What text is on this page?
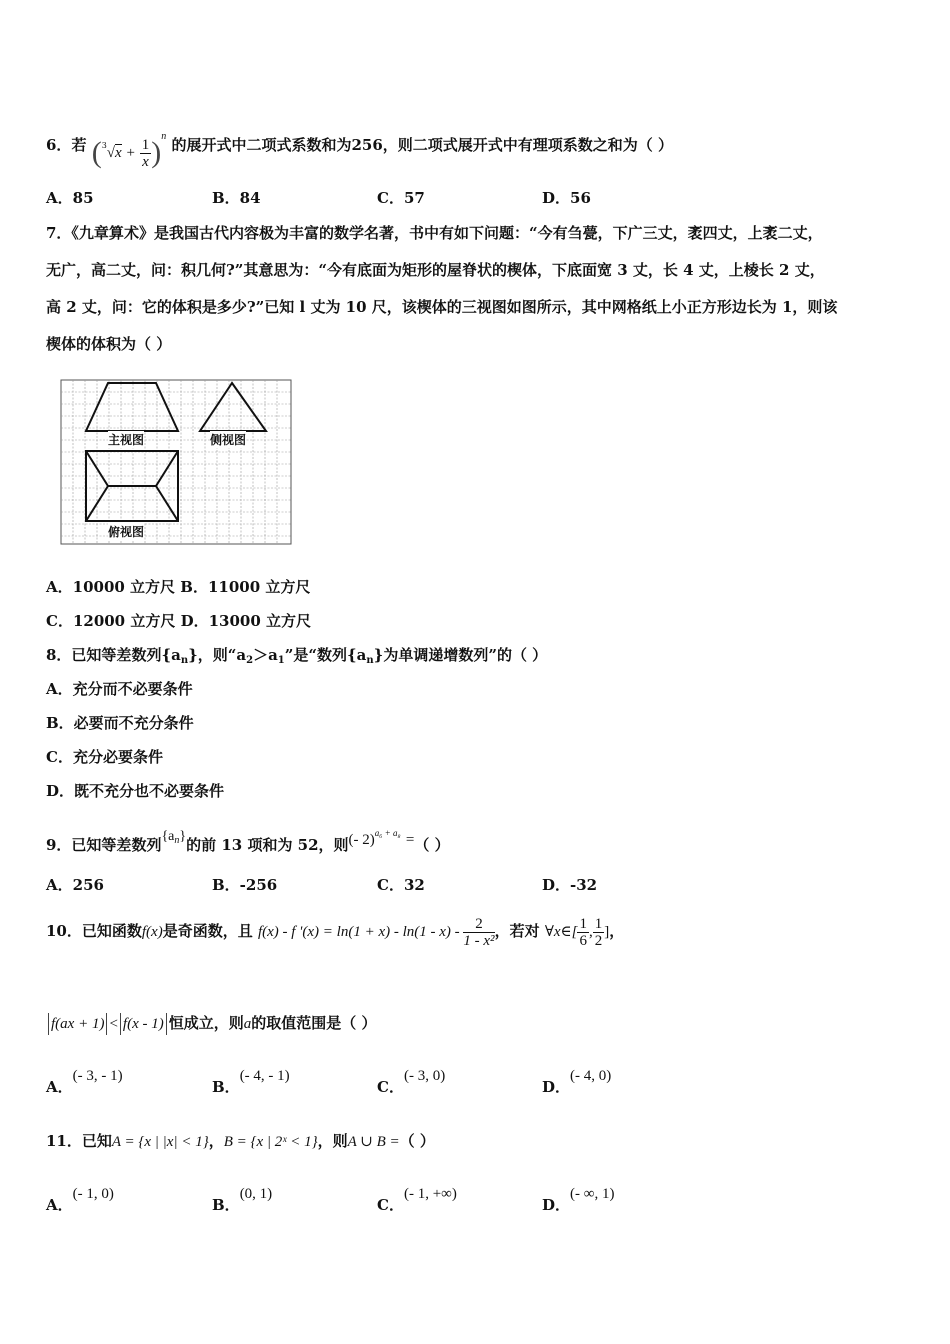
6．若 $(^3√x + \frac{1}{x} )^n$ 的展开式中二项式系数和为256，则二项式展开式中有理项系数之和为（ ）
A．85	B．84	C．57	D．56
7．《九章算术》是我国古代内容极为丰富的数学名著，书中有如下问题：“今有刍甍，下广三丈，袤四丈，上袤二丈，
无广，高二丈，问：积几何?”其意思为：“今有底面为矩形的屋脊状的楔体，下底面宽 3 丈，长 4 丈，上棱长 2 丈，
高 2 丈，问：它的体积是多少?”已知 l 丈为 10 尺，该楔体的三视图如图所示，其中网格纸上小正方形边长为 1，则该
楔体的体积为（ ）
主视图	侧视图
俯视图
A．10000 立方尺 B．11000 立方尺
C．12000 立方尺 D．13000 立方尺
8．已知等差数列$\{a_n\}$，则“$a_2>a_1$”是“数列$\{a_n\}$为单调递增数列”的（ ）
A．充分而不必要条件
B．必要而不充分条件
C．充分必要条件
D．既不充分也不必要条件
9．已知等差数列$\{a_n\}$的前 13 项和为 52，则(- 2)$^{a_6 + a_8}$ =（ ）
A．256	B．-256	C．32	D．-32
10．已知函数f(x)是奇函数，且 f(x) - f '$(x) = \ln(1 + x) - \ln(1 - x) - \frac{2}{\text{1 - x²}}$ ，若对 ∀x∈[ $\frac{1}{6}$ , $\frac{1}{2}$ ]，
f(ax + 1) < f(x - 1) 恒成立，则a的取值范围是（ ）
A．(- 3, - 1)
B．(- 4, - 1)
C．(- 3, 0)
D．(- 4, 0)
11．已知A = {x | |x| < 1}，B = {x | 2ˣ < 1}，则A ∪ B =（ ）
A．(- 1, 0)
B．(0, 1)
C．(- 1, +∞)
D．(- ∞, 1)
